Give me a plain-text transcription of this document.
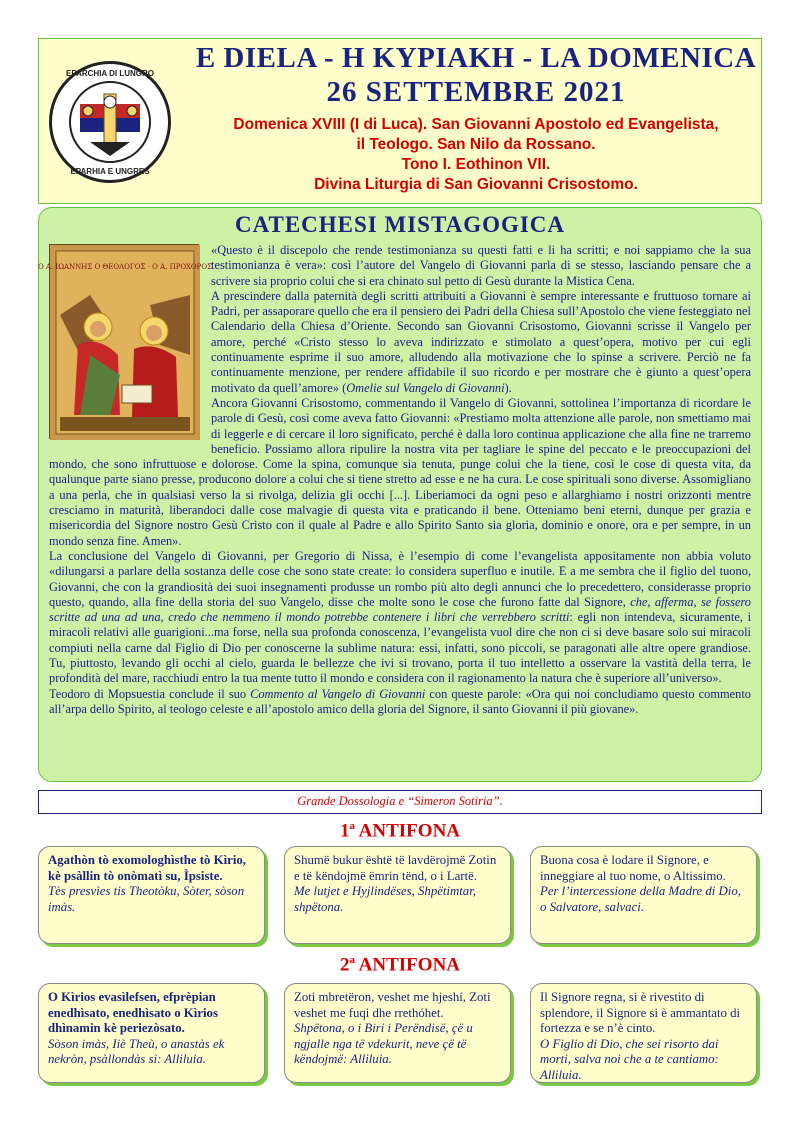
EPARCHIA DI LUNGRO
EPARHIA E UNGRES
E DIELA - H KYPIAKH - LA DOMENICA
26 SETTEMBRE 2021
Domenica XVIII (I di Luca). San Giovanni Apostolo ed Evangelista,
il Teologo. San Nilo da Rossano.
Tono I. Eothinon VII.
Divina Liturgia di San Giovanni Crisostomo.
CATECHESI MISTAGOGICA
O A. IΩANNHΣ O ΘEOΛOΓOΣ · O A. ΠPOXOPOΣ

«Questo è il discepolo che rende testimonianza su questi fatti e li ha scritti; e noi sappiamo che la sua testimonianza è vera»: così l’autore del Vangelo di Giovanni parla di se stesso, lasciando pensare che a scrivere sia proprio colui che si era chinato sul petto di Gesù durante la Mistica Cena.

A prescindere dalla paternità degli scritti attribuiti a Giovanni è sempre interessante e fruttuoso tornare ai Padri, per assaporare quello che era il pensiero dei Padri della Chiesa sull’Apostolo che viene festeggiato nel Calendario della Chiesa d’Oriente. Secondo san Giovanni Crisostomo, Giovanni scrisse il Vangelo per amore, perché «Cristo stesso lo aveva indirizzato e stimolato a quest’opera, motivo per cui egli continuamente esprime il suo amore, alludendo alla motivazione che lo spinse a scrivere. Perciò ne fa continuamente menzione, per rendere affidabile il suo ricordo e per mostrare che è giunto a quest’opera motivato da quell’amore» (Omelie sul Vangelo di Giovanni).

Ancora Giovanni Crisostomo, commentando il Vangelo di Giovanni, sottolinea l’importanza di ricordare le parole di Gesù, così come aveva fatto Giovanni: «Prestiamo molta attenzione alle parole, non smettiamo mai di leggerle e di cercare il loro significato, perché è dalla loro continua applicazione che alla fine ne trarremo beneficio. Possiamo allora ripulire la nostra vita per tagliare le spine del peccato e le preoccupazioni del mondo, che sono infruttuose e dolorose. Come la spina, comunque sia tenuta, punge colui che la tiene, così le cose di questa vita, da qualunque parte siano presse, producono dolore a colui che si tiene stretto ad esse e ne ha cura. Le cose spirituali sono diverse. Assomigliano a una perla, che in qualsiasi verso la si rivolga, delizia gli occhi [...]. Liberiamoci da ogni peso e allarghiamo i nostri orizzonti mentre cresciamo in maturità, liberandoci dalle cose malvagie di questa vita e praticando il bene. Otteniamo beni eterni, dunque per grazia e misericordia del Signore nostro Gesù Cristo con il quale al Padre e allo Spirito Santo sia gloria, dominio e onore, ora e per sempre, in un mondo senza fine. Amen».

La conclusione del Vangelo di Giovanni, per Gregorio di Nissa, è l’esempio di come l’evangelista appositamente non abbia voluto «dilungarsi a parlare della sostanza delle cose che sono state create: lo considera superfluo e inutile. E a me sembra che il figlio del tuono, Giovanni, che con la grandiosità dei suoi insegnamenti produsse un rombo più alto degli annunci che lo precedettero, considerasse proprio questo, quando, alla fine della storia del suo Vangelo, disse che molte sono le cose che furono fatte dal Signore, che, afferma, se fossero scritte ad una ad una, credo che nemmeno il mondo potrebbe contenere i libri che verrebbero scritti: egli non intendeva, sicuramente, i miracoli relativi alle guarigioni...ma forse, nella sua profonda conoscenza, l’evangelista vuol dire che non ci si deve basare solo sui miracoli compiuti nella carne dal Figlio di Dio per conoscerne la sublime natura: essi, infatti, sono piccoli, se paragonati alle altre opere grandiose. Tu, piuttosto, levando gli occhi al cielo, guarda le bellezze che ivi si trovano, porta il tuo intelletto a osservare la vastità della terra, le profondità del mare, racchiudi entro la tua mente tutto il mondo e considera con il ragionamento la natura che è superiore all’universo».

Teodoro di Mopsuestia conclude il suo Commento al Vangelo di Giovanni con queste parole: «Ora qui noi concludiamo questo commento all’arpa dello Spirito, al teologo celeste e all’apostolo amico della gloria del Signore, il santo Giovanni il più giovane».

Grande Dossologia e “Simeron Sotiria”.
1$^a$ ANTIFONA
Agathòn tò exomologhìsthe tò Kìrio, kè psàllin tò onòmatì su, Ìpsiste.
Tès presvìes tis Theotòku, Sòter, sòson imàs.
Shumë bukur është të lavdërojmë Zotin e të këndojmë ëmrin tënd, o i Lartë.
Me lutjet e Hyjlindëses, Shpëtimtar, shpëtona.
Buona cosa è lodare il Signore, e inneggiare al tuo nome, o Altissimo.
Per l’intercessione della Madre di Dio, o Salvatore, salvaci.
2$^a$ ANTIFONA
O Kìrios evasìlefsen, efprèpian enedhìsato, enedhìsato o Kìrios dhìnamin kè periezòsato.
Sòson imàs, Iiè Theù, o anastàs ek nekròn, psàllondàs si: Alliluia.
Zoti mbretëron, veshet me hjeshí, Zoti veshet me fuqi dhe rrethóhet.
Shpëtona, o i Biri i Perëndisë, çë u ngjalle nga të vdekurit, neve çë të këndojmë: Alliluia.
Il Signore regna, si è rivestito di splendore, il Signore si è ammantato di fortezza e se n’è cinto.
O Figlio di Dio, che sei risorto dai morti, salva noi che a te cantiamo: Alliluia.
